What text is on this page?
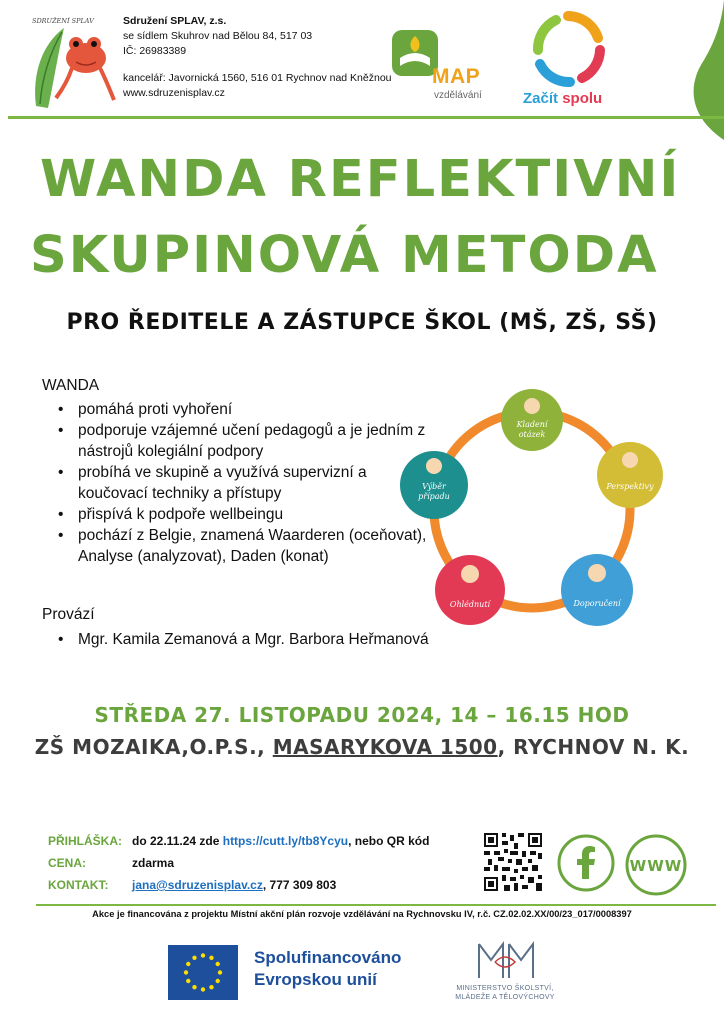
SDRUŽENÍ SPLAV	Sdružení SPLAV, z.s.
se sídlem Skuhrov nad Bělou 84, 517 03
IČ: 26983389
kancelář: Javornická 1560, 516 01 Rychnov nad Kněžnou
www.sdruzenisplav.cz
MAP
vzdělávání	Začít spolu
WANDA REFLEKTIVNÍ
SKUPINOVÁ METODA
PRO ŘEDITELE A ZÁSTUPCE ŠKOL (MŠ, ZŠ, SŠ)
WANDA
• pomáhá proti vyhoření
• podporuje vzájemné učení pedagogů a je jedním z nástrojů kolegiální podpory
• probíhá ve skupině a využívá supervizní a koučovací techniky a přístupy
• přispívá k podpoře wellbeingu
• pochází z Belgie, znamená Waarderen (oceňovat), Analyse (analyzovat), Daden (konat)
Provází
• Mgr. Kamila Zemanová a Mgr. Barbora Heřmanová
Kladení otázek
Perspektivy
Doporučení
Ohlédnutí
Výběr případu
STŘEDA 27. LISTOPADU 2024, 14 – 16.15 HOD
ZŠ MOZAIKA,O.P.S., MASARYKOVA 1500, RYCHNOV N. K.
PŘIHLÁŠKA: do 22.11.24 zde https://cutt.ly/tb8Ycyu, nebo QR kód
CENA:	zdarma
KONTAKT: jana@sdruzenisplav.cz, 777 309 803
WWW
Akce je financována z projektu Místní akční plán rozvoje vzdělávání na Rychnovsku IV, r.č. CZ.02.02.XX/00/23_017/0008397
Spolufinancováno
Evropskou unií	MINISTERSTVO ŠKOLSTVÍ,
MLÁDEŽE A TĚLOVÝCHOVY
